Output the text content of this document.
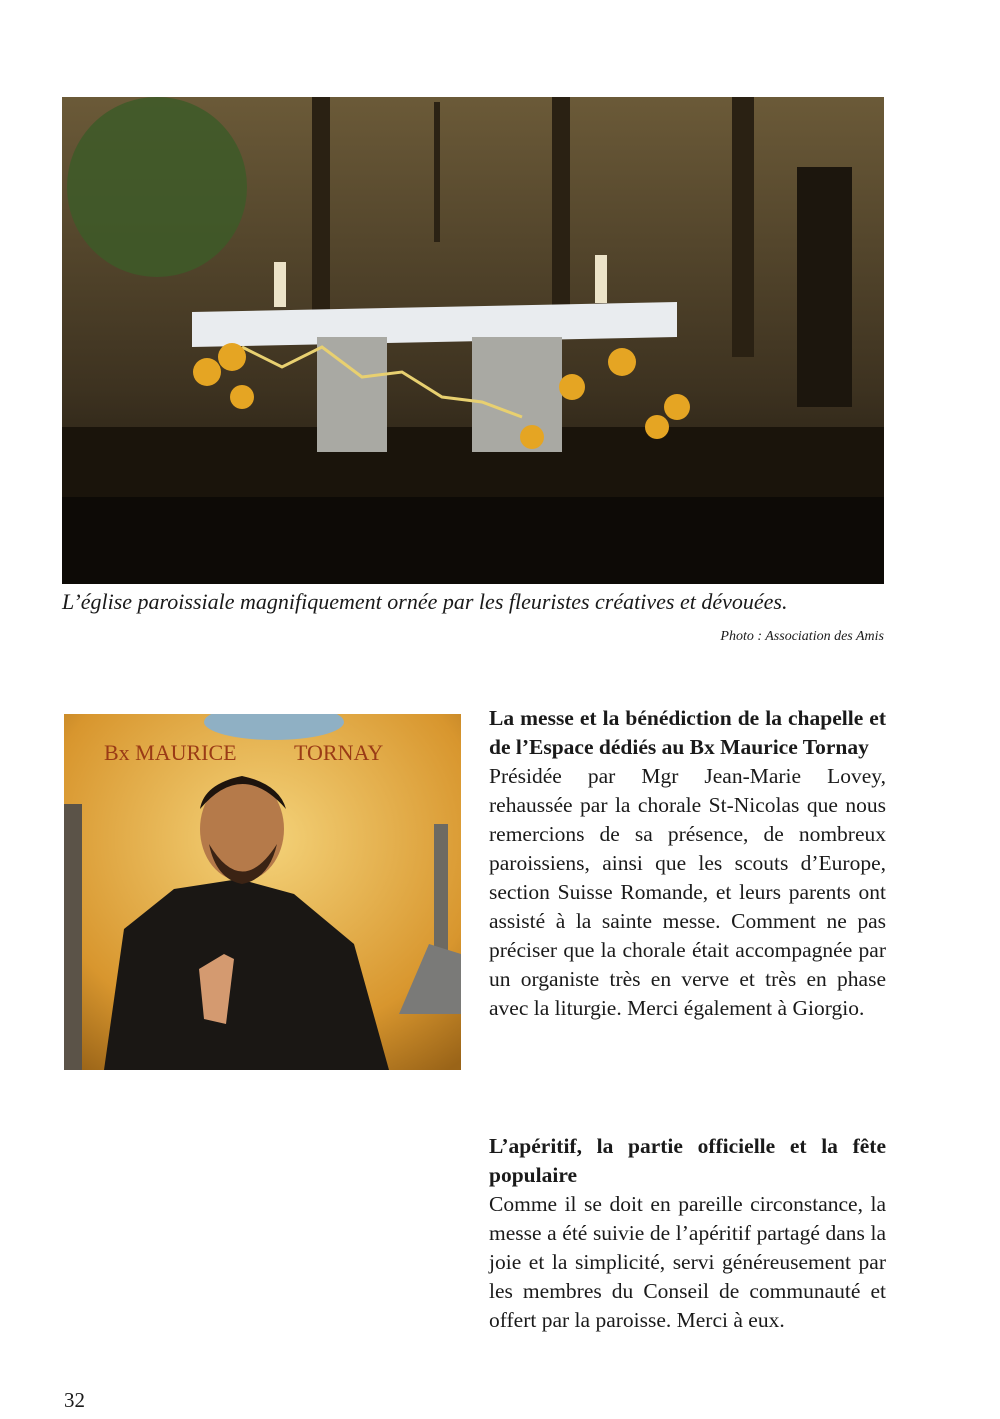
L’église paroissiale magnifiquement ornée par les fleuristes créatives et dévouées.
Photo : Association des Amis
Bx MAURICE	TORNAY
La messe et la bénédiction de la chapelle et de l’Espace dédiés au Bx Maurice Tornay

Présidée par Mgr Jean-Marie Lovey, rehaussée par la chorale St-Nicolas que nous remercions de sa présence, de nombreux paroissiens, ainsi que les scouts d’Europe, section Suisse Romande, et leurs parents ont assisté à la sainte messe. Comment ne pas préciser que la chorale était accompagnée par un organiste très en verve et très en phase avec la liturgie. Merci également à Giorgio.

L’apéritif, la partie officielle et la fête populaire

Comme il se doit en pareille circonstance, la messe a été suivie de l’apéritif partagé dans la joie et la simplicité, servi généreusement par les membres du Conseil de communauté et offert par la paroisse. Merci à eux.

32
